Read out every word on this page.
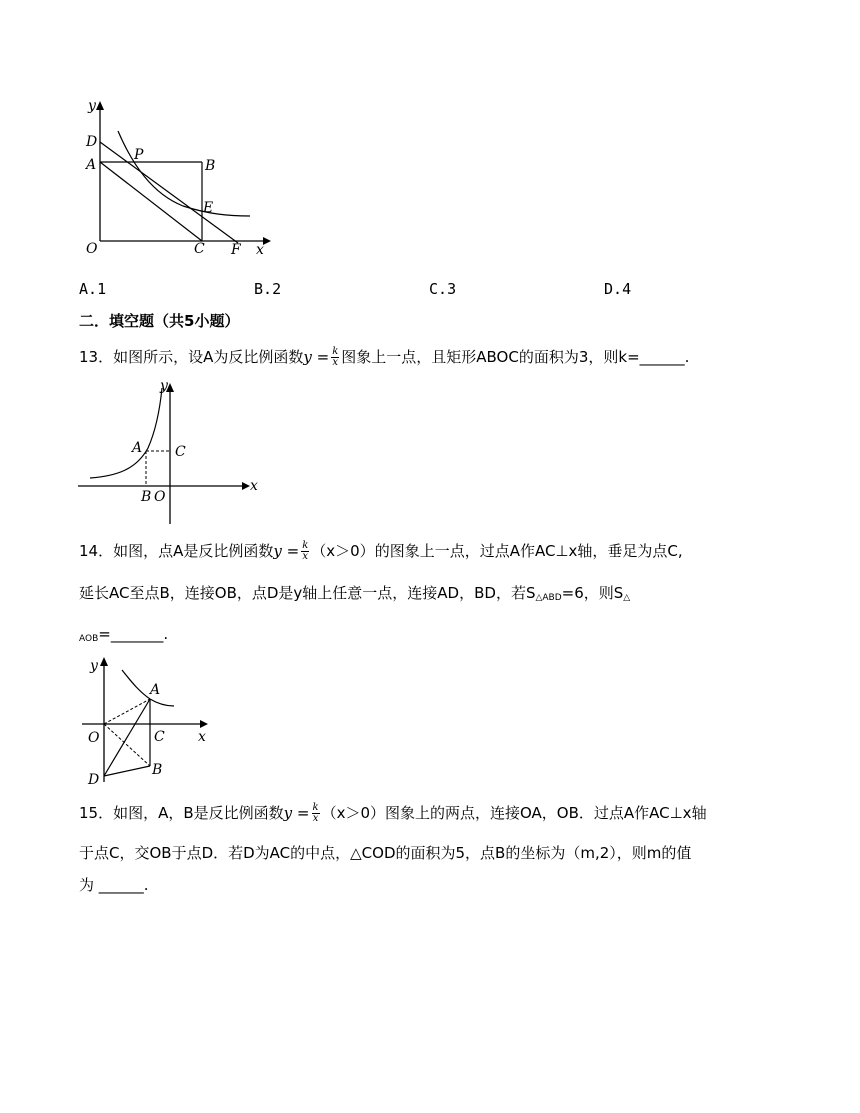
y
x
O
D
A
P
B
E
C F
A.1	B.2	C.3	D.4
二．填空题（共5小题）
13．如图所示，设A为反比例函数$y = \frac{k}{x}$ 图象上一点，且矩形ABOC的面积为3，则k=______.
y
x
A C
B O
14．如图，点A是反比例函数$y = \frac{k}{x} (x>0)$的图象上一点，过点A作AC⊥x轴，垂足为点C,
延长AC至点B，连接OB，点D是y轴上任意一点，连接AD，BD，若$S_{\triangle ABD}=6$，则$S_\triangle$
$_{AOB}$=_______.
y
x
A
O	C
D
B
15．如图，A，B是反比例函数$y = \frac{k}{x} (x>0)$图象上的两点，连接OA，OB．过点A作AC⊥x轴
于点C，交OB于点D．若D为AC的中点，△COD的面积为5，点B的坐标为（m,2），则m的值
为 ______.
